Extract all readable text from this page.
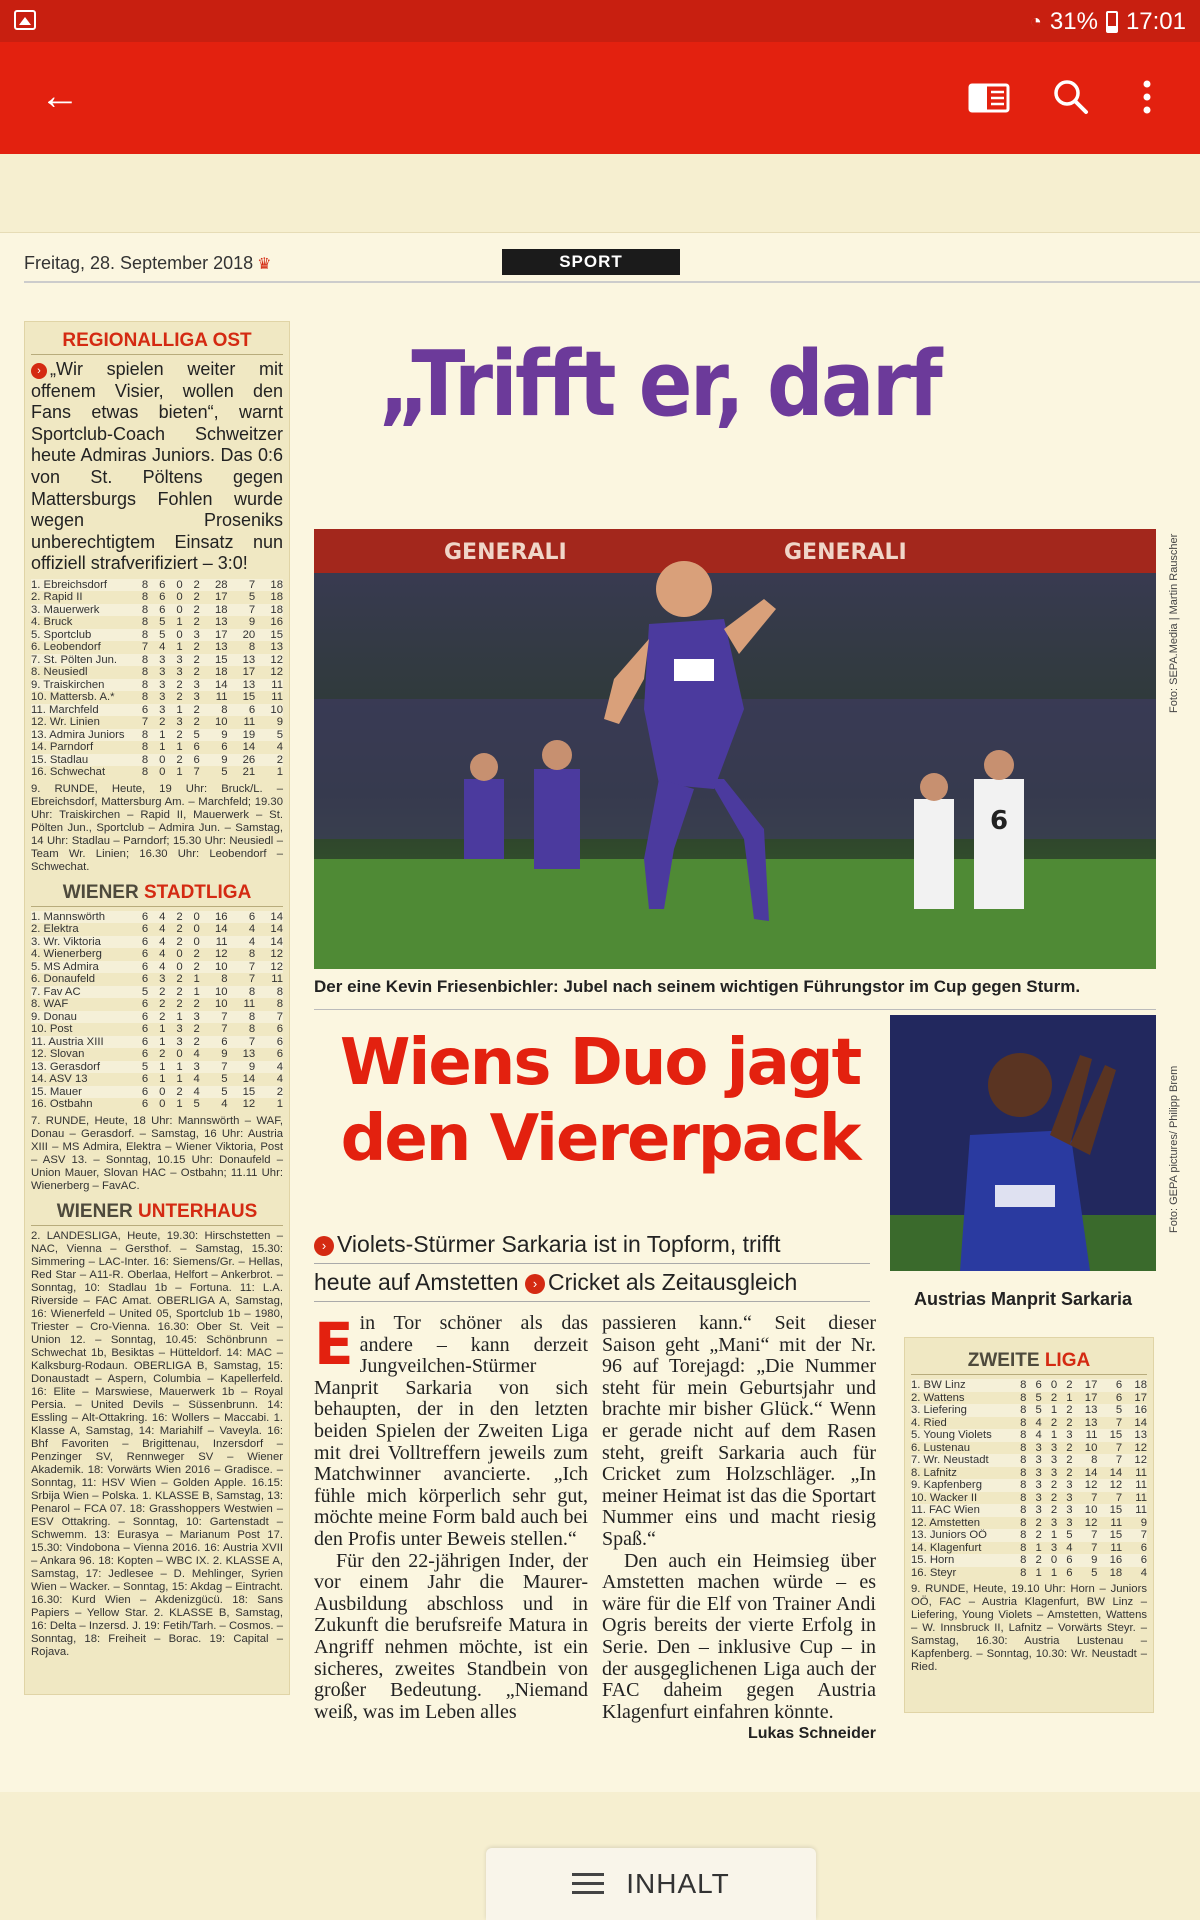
◔ 31% 17:01
←
Freitag, 28. September 2018 ♛	SPORT
REGIONALLIGA OST
› „Wir spielen weiter mit offenem Visier, wollen den Fans etwas bieten“, warnt Sportclub-Coach Schweitzer heute Admiras Juniors. Das 0:6 von St. Pöltens gegen Mattersburgs Fohlen wurde wegen Proseniks unberechtigtem Einsatz nun offiziell strafverifiziert – 3:0!
1. Ebreichsdorf	8	6	0	2	28	7	18
2. Rapid II	8	6	0	2	17	5	18
3. Mauerwerk	8	6	0	2	18	7	18
4. Bruck	8	5	1	2	13	9	16
5. Sportclub	8	5	0	3	17	20	15
6. Leobendorf	7	4	1	2	13	8	13
7. St. Pölten Jun.	8	3	3	2	15	13	12
8. Neusiedl	8	3	3	2	18	17	12
9. Traiskirchen	8	3	2	3	14	13	11
10. Mattersb. A.*	8	3	2	3	11	15	11
11. Marchfeld	6	3	1	2	8	6	10
12. Wr. Linien	7	2	3	2	10	11	9
13. Admira Juniors	8	1	2	5	9	19	5
14. Parndorf	8	1	1	6	6	14	4
15. Stadlau	8	0	2	6	9	26	2
16. Schwechat	8	0	1	7	5	21	1
9. RUNDE, Heute, 19 Uhr: Bruck/L. – Ebreichsdorf, Mattersburg Am. – Marchfeld; 19.30 Uhr: Traiskirchen – Rapid II, Mauerwerk – St. Pölten Jun., Sportclub – Admira Jun. – Samstag, 14 Uhr: Stadlau – Parndorf; 15.30 Uhr: Neusiedl – Team Wr. Linien; 16.30 Uhr: Leobendorf – Schwechat.
WIENER STADTLIGA
1. Mannswörth	6	4	2	0	16	6	14
2. Elektra	6	4	2	0	14	4	14
3. Wr. Viktoria	6	4	2	0	11	4	14
4. Wienerberg	6	4	0	2	12	8	12
5. MS Admira	6	4	0	2	10	7	12
6. Donaufeld	6	3	2	1	8	7	11
7. Fav AC	5	2	2	1	10	8	8
8. WAF	6	2	2	2	10	11	8
9. Donau	6	2	1	3	7	8	7
10. Post	6	1	3	2	7	8	6
11. Austria XIII	6	1	3	2	6	7	6
12. Slovan	6	2	0	4	9	13	6
13. Gerasdorf	5	1	1	3	7	9	4
14. ASV 13	6	1	1	4	5	14	4
15. Mauer	6	0	2	4	5	15	2
16. Ostbahn	6	0	1	5	4	12	1
7. RUNDE, Heute, 18 Uhr: Mannswörth – WAF, Donau – Gerasdorf. – Samstag, 16 Uhr: Austria XIII – MS Admira, Elektra – Wiener Viktoria, Post – ASV 13. – Sonntag, 10.15 Uhr: Donaufeld – Union Mauer, Slovan HAC – Ostbahn; 11.11 Uhr: Wienerberg – FavAC.
WIENER UNTERHAUS
2. LANDESLIGA, Heute, 19.30: Hirschstetten – NAC, Vienna – Gersthof. – Samstag, 15.30: Simmering – LAC-Inter. 16: Siemens/Gr. – Hellas, Red Star – A11-R. Oberlaa, Helfort – Ankerbrot. – Sonntag, 10: Stadlau 1b – Fortuna. 11: L.A. Riverside – FAC Amat. OBERLIGA A, Samstag, 16: Wienerfeld – United 05, Sportclub 1b – 1980, Triester – Cro-Vienna. 16.30: Ober St. Veit – Union 12. – Sonntag, 10.45: Schönbrunn – Schwechat 1b, Besiktas – Hütteldorf. 14: MAC – Kalksburg-Rodaun. OBERLIGA B, Samstag, 15: Donaustadt – Aspern, Columbia – Kapellerfeld. 16: Elite – Marswiese, Mauerwerk 1b – Royal Persia. – United Devils – Süssenbrunn. 14: Essling – Alt-Ottakring. 16: Wollers – Maccabi. 1. Klasse A, Samstag, 14: Mariahilf – Vaveyla. 16: Bhf Favoriten – Brigittenau, Inzersdorf – Penzinger SV, Rennweger SV – Wiener Akademik. 18: Vorwärts Wien 2016 – Gradisce. – Sonntag, 11: HSV Wien – Golden Apple. 16.15: Srbija Wien – Polska. 1. KLASSE B, Samstag, 13: Penarol – FCA 07. 18: Grasshoppers Westwien – ESV Ottakring. – Sonntag, 10: Gartenstadt – Schwemm. 13: Eurasya – Marianum Post 17. 15.30: Vindobona – Vienna 2016. 16: Austria XVII – Ankara 96. 18: Kopten – WBC IX. 2. KLASSE A, Samstag, 17: Jedlesee – D. Mehlinger, Syrien Wien – Wacker. – Sonntag, 15: Akdag – Eintracht. 16.30: Kurd Wien – Akdenizgücü. 18: Sans Papiers – Yellow Star. 2. KLASSE B, Samstag, 16: Delta – Inzersd. J. 19: Fetih/Tarh. – Cosmos. – Sonntag, 18: Freiheit – Borac. 19: Capital – Rojava.
„Trifft er, darf
GENERALI	GENERALI
6
Foto: SEPA.Media | Martin Rauscher
Der eine Kevin Friesenbichler: Jubel nach seinem wichtigen Führungstor im Cup gegen Sturm.
Wiens Duo jagt
den Viererpack
› Violets-Stürmer Sarkaria ist in Topform, trifft
heute auf Amstetten › Cricket als Zeitausgleich
Foto: GEPA pictures/ Philipp Brem
Austrias Manprit Sarkaria

Ein Tor schöner als das andere – kann derzeit Jungveilchen-Stürmer Manprit Sarkaria von sich behaupten, der in den letzten beiden Spielen der Zweiten Liga mit drei Volltreffern jeweils zum Matchwinner avancierte. „Ich fühle mich körperlich sehr gut, möchte meine Form bald auch bei den Profis unter Beweis stellen.“

Für den 22-jährigen Inder, der vor einem Jahr die Maurer-Ausbildung abschloss und in Zukunft die berufsreife Matura in Angriff nehmen möchte, ist ein sicheres, zweites Standbein von großer Bedeutung. „Niemand weiß, was im Leben alles

passieren kann.“ Seit dieser Saison geht „Mani“ mit der Nr. 96 auf Torejagd: „Die Nummer steht für mein Geburtsjahr und brachte mir bisher Glück.“ Wenn er gerade nicht auf dem Rasen steht, greift Sarkaria auch für Cricket zum Holzschläger. „In meiner Heimat ist das die Sportart Nummer eins und macht riesig Spaß.“

Den auch ein Heimsieg über Amstetten machen würde – es wäre für die Elf von Trainer Andi Ogris bereits der vierte Erfolg in Serie. Den – inklusive Cup – in der ausgeglichenen Liga auch der FAC daheim gegen Austria Klagenfurt einfahren könnte.
Lukas Schneider

ZWEITE LIGA
1. BW Linz	8	6	0	2	17	6	18
2. Wattens	8	5	2	1	17	6	17
3. Liefering	8	5	1	2	13	5	16
4. Ried	8	4	2	2	13	7	14
5. Young Violets	8	4	1	3	11	15	13
6. Lustenau	8	3	3	2	10	7	12
7. Wr. Neustadt	8	3	3	2	8	7	12
8. Lafnitz	8	3	3	2	14	14	11
9. Kapfenberg	8	3	2	3	12	12	11
10. Wacker II	8	3	2	3	7	7	11
11. FAC Wien	8	3	2	3	10	15	11
12. Amstetten	8	2	3	3	12	11	9
13. Juniors OÖ	8	2	1	5	7	15	7
14. Klagenfurt	8	1	3	4	7	11	6
15. Horn	8	2	0	6	9	16	6
16. Steyr	8	1	1	6	5	18	4
9. RUNDE, Heute, 19.10 Uhr: Horn – Juniors OÖ, FAC – Austria Klagenfurt, BW Linz – Liefering, Young Violets – Amstetten, Wattens – W. Innsbruck II, Lafnitz – Vorwärts Steyr. – Samstag, 16.30: Austria Lustenau – Kapfenberg. – Sonntag, 10.30: Wr. Neustadt – Ried.
INHALT
